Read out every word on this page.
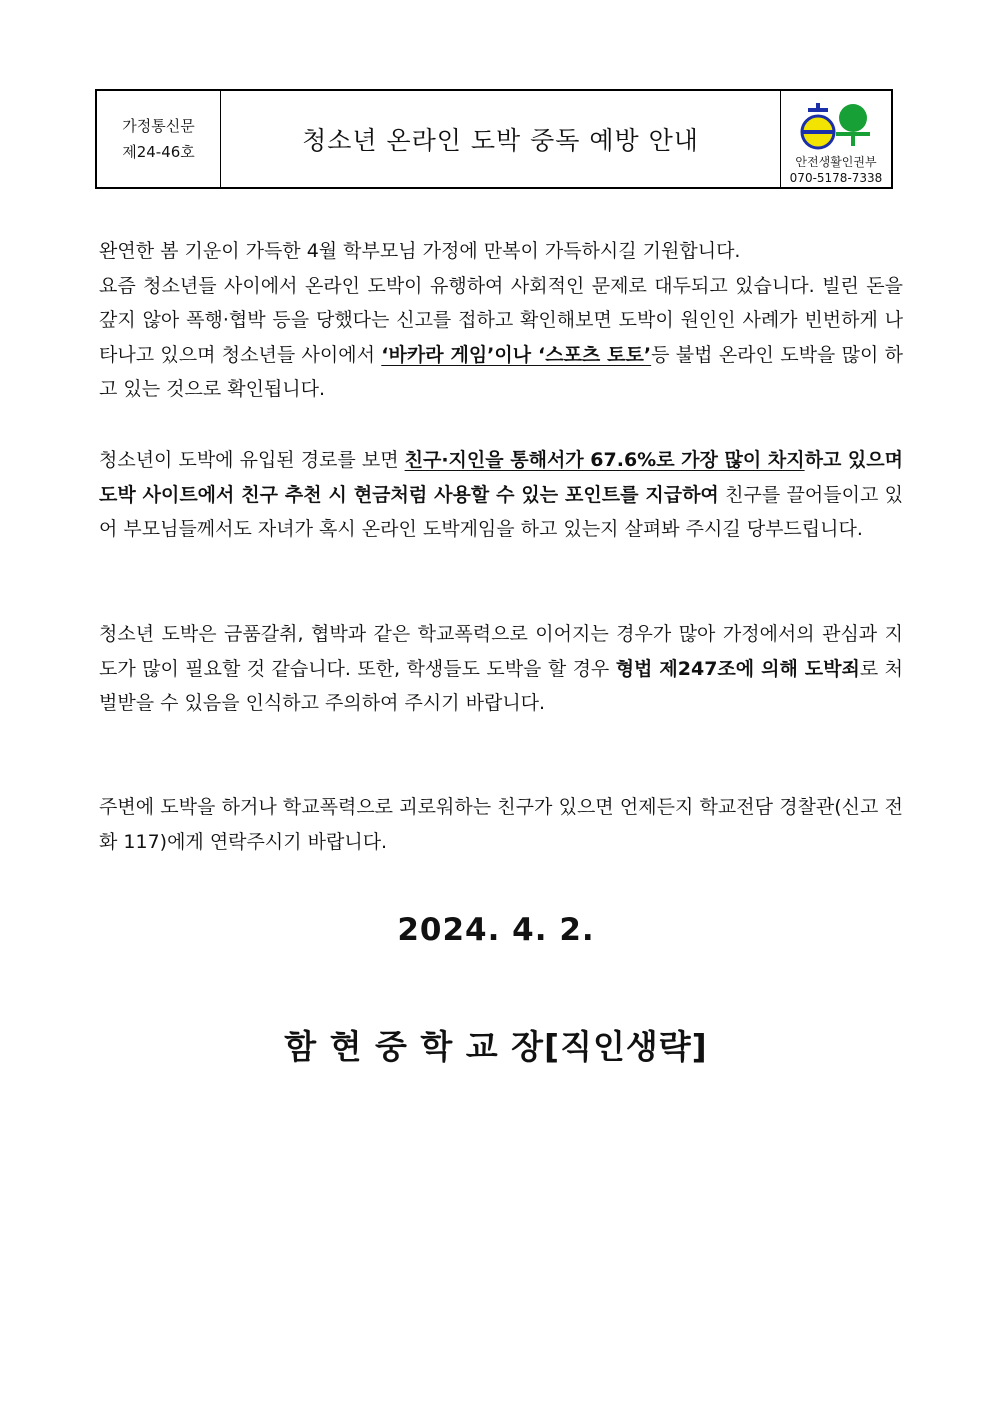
가정통신문
제24-46호	청소년 온라인 도박 중독 예방 안내
안전생활인권부
070-5178-7338

완연한 봄 기운이 가득한 4월 학부모님 가정에 만복이 가득하시길 기원합니다.

요즘 청소년들 사이에서 온라인 도박이 유행하여 사회적인 문제로 대두되고 있습니다. 빌린 돈을 갚지 않아 폭행·협박 등을 당했다는 신고를 접하고 확인해보면 도박이 원인인 사례가 빈번하게 나타나고 있으며 청소년들 사이에서 ‘바카라 게임’이나 ‘스포츠 토토’등 불법 온라인 도박을 많이 하고 있는 것으로 확인됩니다.

청소년이 도박에 유입된 경로를 보면 친구·지인을 통해서가 67.6%로 가장 많이 차지하고 있으며 도박 사이트에서 친구 추천 시 현금처럼 사용할 수 있는 포인트를 지급하여 친구를 끌어들이고 있어 부모님들께서도 자녀가 혹시 온라인 도박게임을 하고 있는지 살펴봐 주시길 당부드립니다.

청소년 도박은 금품갈취, 협박과 같은 학교폭력으로 이어지는 경우가 많아 가정에서의 관심과 지도가 많이 필요할 것 같습니다. 또한, 학생들도 도박을 할 경우 형법 제247조에 의해 도박죄로 처벌받을 수 있음을 인식하고 주의하여 주시기 바랍니다.

주변에 도박을 하거나 학교폭력으로 괴로워하는 친구가 있으면 언제든지 학교전담 경찰관(신고 전화 117)에게 연락주시기 바랍니다.

2024. 4. 2.
함 현 중 학 교 장[직인생략]
